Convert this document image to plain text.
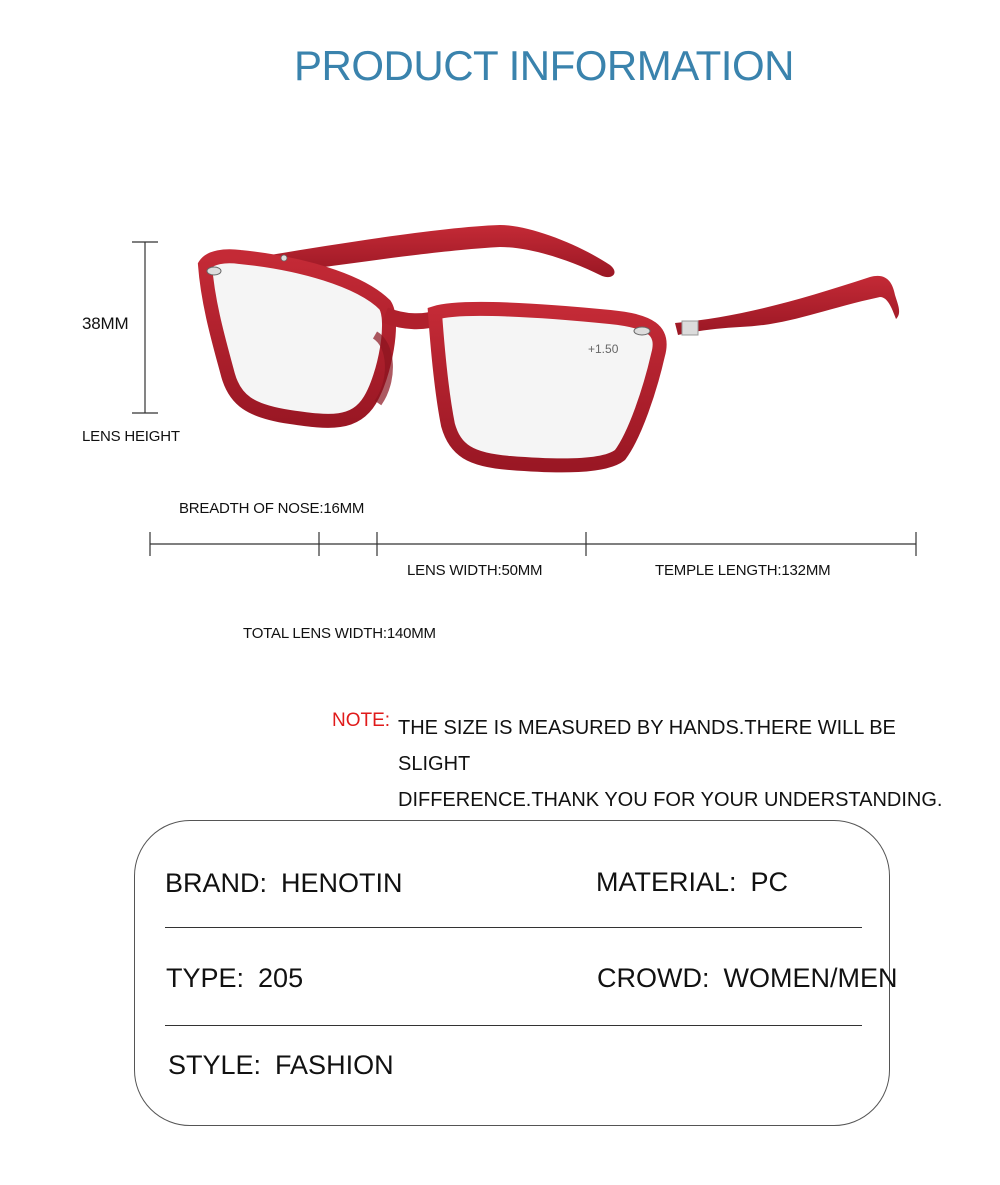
PRODUCT INFORMATION
38MM
LENS HEIGHT
BREADTH OF NOSE:16MM
LENS WIDTH:50MM	TEMPLE LENGTH:132MM
TOTAL LENS WIDTH:140MM
+1.50
NOTE: THE SIZE IS MEASURED BY HANDS.THERE WILL BE SLIGHT
DIFFERENCE.THANK YOU FOR YOUR UNDERSTANDING.
BRAND: HENOTIN	MATERIAL: PC
TYPE: 205	CROWD: WOMEN/MEN
STYLE: FASHION
